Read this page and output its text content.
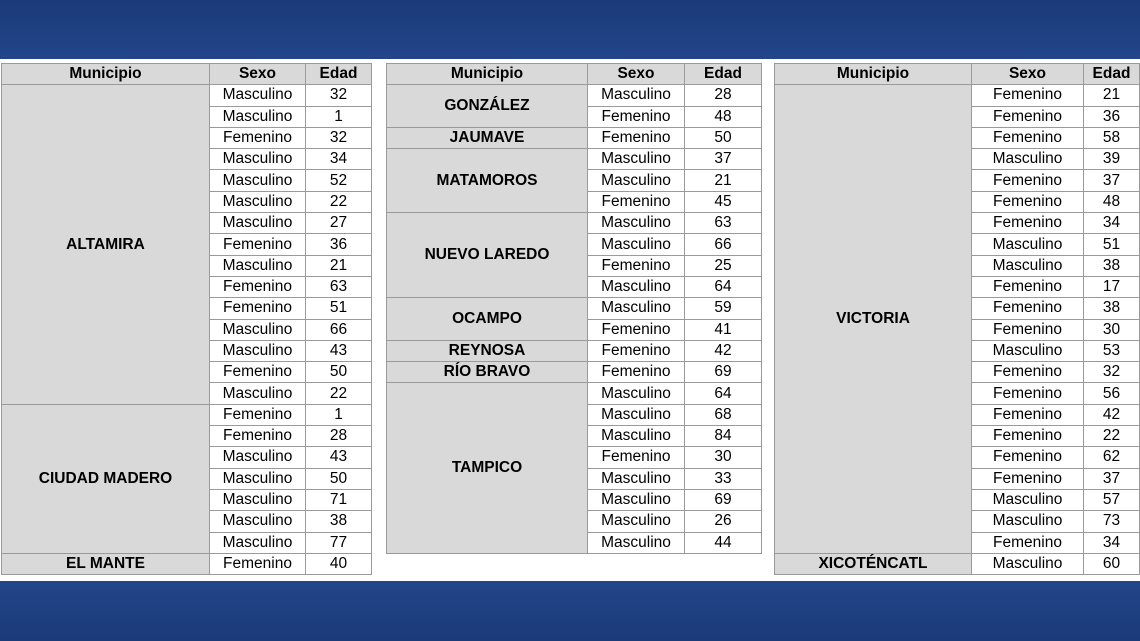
Municipio	Sexo	Edad
ALTAMIRA	Masculino	32
	Masculino	1
	Femenino	32
	Masculino	34
	Masculino	52
	Masculino	22
	Masculino	27
	Femenino	36
	Masculino	21
	Femenino	63
	Femenino	51
	Masculino	66
	Masculino	43
	Femenino	50
	Masculino	22
CIUDAD MADERO	Femenino	1
	Femenino	28
	Masculino	43
	Masculino	50
	Masculino	71
	Masculino	38
	Masculino	77
EL MANTE	Femenino	40
Municipio	Sexo	Edad
GONZÁLEZ	Masculino	28
	Femenino	48
JAUMAVE	Femenino	50
MATAMOROS	Masculino	37
	Masculino	21
	Femenino	45
NUEVO LAREDO	Masculino	63
	Masculino	66
	Femenino	25
	Masculino	64
OCAMPO	Masculino	59
	Femenino	41
REYNOSA	Femenino	42
RÍO BRAVO	Femenino	69
TAMPICO	Masculino	64
	Masculino	68
	Masculino	84
	Femenino	30
	Masculino	33
	Masculino	69
	Masculino	26
	Masculino	44
Municipio	Sexo	Edad
VICTORIA	Femenino	21
	Femenino	36
	Femenino	58
	Masculino	39
	Femenino	37
	Femenino	48
	Femenino	34
	Masculino	51
	Masculino	38
	Femenino	17
	Femenino	38
	Femenino	30
	Masculino	53
	Femenino	32
	Femenino	56
	Femenino	42
	Femenino	22
	Femenino	62
	Femenino	37
	Masculino	57
	Masculino	73
	Femenino	34
XICOTÉNCATL	Masculino	60
